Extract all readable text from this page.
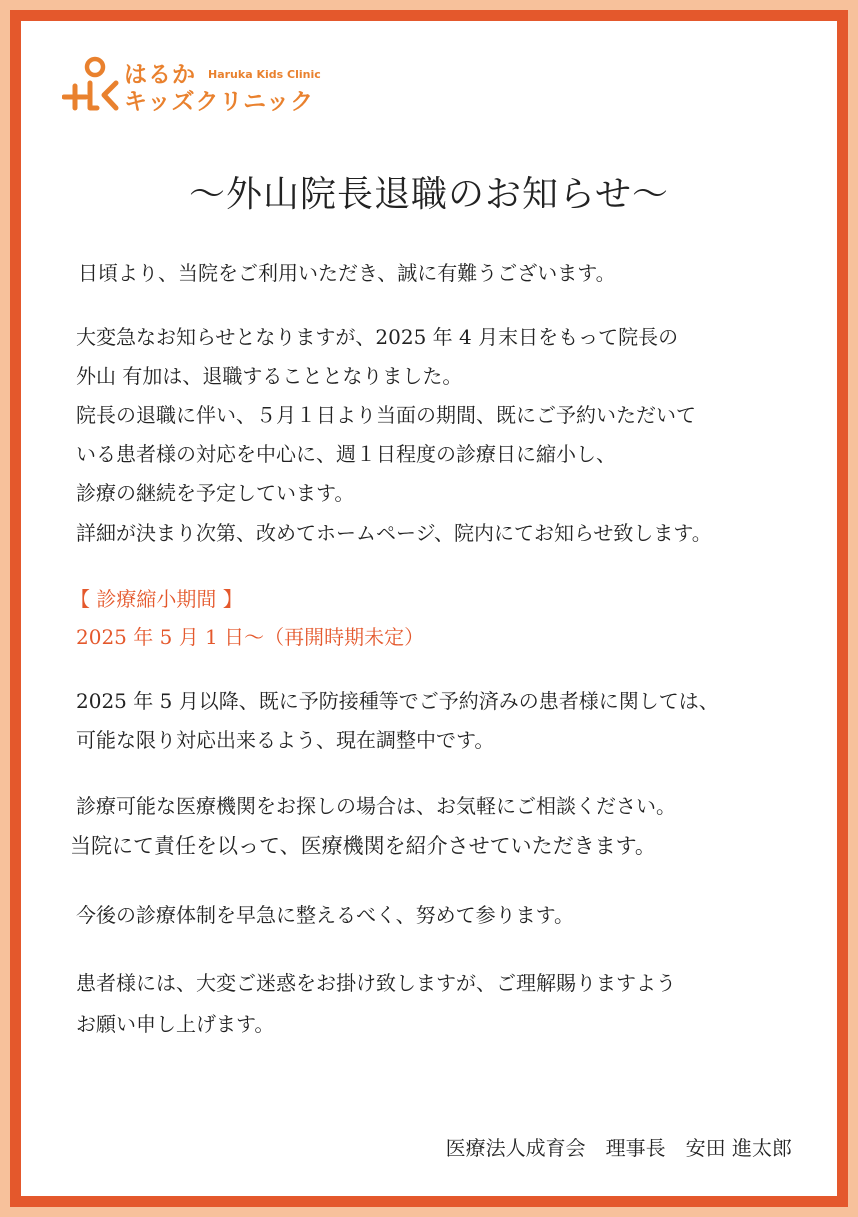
はるか Haruka Kids Clinic
キッズクリニック
〜外山院長退職のお知らせ〜
日頃より、当院をご利用いただき、誠に有難うございます。
大変急なお知らせとなりますが、2025 年 4 月末日をもって院長の
外山 有加は、退職することとなりました。
院長の退職に伴い、５月１日より当面の期間、既にご予約いただいて
いる患者様の対応を中心に、週１日程度の診療日に縮小し、
診療の継続を予定しています。
詳細が決まり次第、改めてホームページ、院内にてお知らせ致します。
【 診療縮小期間 】
2025 年 5 月 1 日〜（再開時期未定）
2025 年 5 月以降、既に予防接種等でご予約済みの患者様に関しては、
可能な限り対応出来るよう、現在調整中です。
診療可能な医療機関をお探しの場合は、お気軽にご相談ください。
当院にて責任を以って、医療機関を紹介させていただきます。
今後の診療体制を早急に整えるべく、努めて参ります。
患者様には、大変ご迷惑をお掛け致しますが、ご理解賜りますよう
お願い申し上げます。
医療法人成育会　理事長　安田 進太郎
